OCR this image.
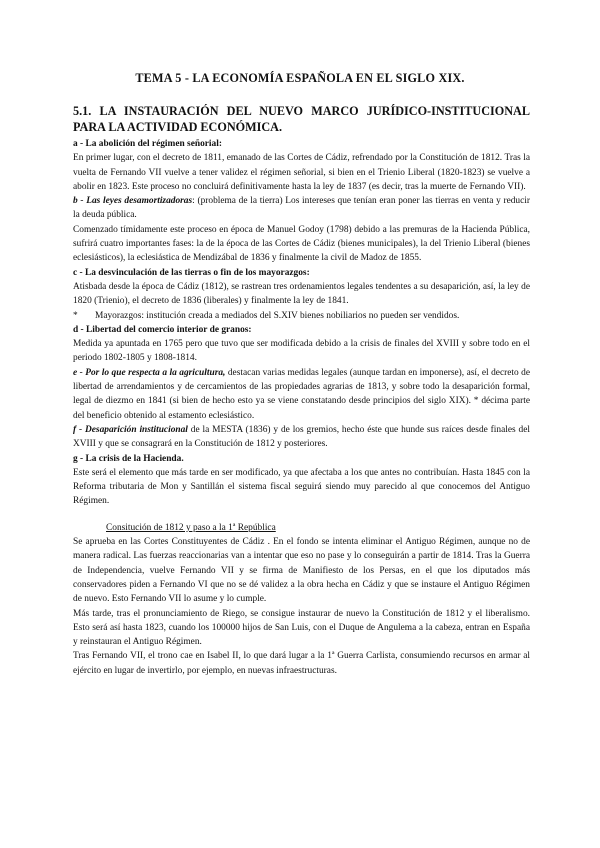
TEMA 5 - LA ECONOMÍA ESPAÑOLA EN EL SIGLO XIX.
5.1. LA INSTAURACIÓN DEL NUEVO MARCO JURÍDICO-INSTITUCIONAL PARA LA ACTIVIDAD ECONÓMICA.

a - La abolición del régimen señorial:

En primer lugar, con el decreto de 1811, emanado de las Cortes de Cádiz, refrendado por la Constitución de 1812. Tras la vuelta de Fernando VII vuelve a tener validez el régimen señorial, si bien en el Trienio Liberal (1820-1823) se vuelve a abolir en 1823. Este proceso no concluirá definitivamente hasta la ley de 1837 (es decir, tras la muerte de Fernando VII).

b - Las leyes desamortizadoras: (problema de la tierra) Los intereses que tenían eran poner las tierras en venta y reducir la deuda pública.

Comenzado tímidamente este proceso en época de Manuel Godoy (1798) debido a las premuras de la Hacienda Pública, sufrirá cuatro importantes fases: la de la época de las Cortes de Cádiz (bienes municipales), la del Trienio Liberal (bienes eclesiásticos), la eclesiástica de Mendizábal de 1836 y finalmente la civil de Madoz de 1855.

c - La desvinculación de las tierras o fin de los mayorazgos:

Atisbada desde la época de Cádiz (1812), se rastrean tres ordenamientos legales tendentes a su desaparición, así, la ley de 1820 (Trienio), el decreto de 1836 (liberales) y finalmente la ley de 1841.

* Mayorazgos: institución creada a mediados del S.XIV bienes nobiliarios no pueden ser vendidos.

d - Libertad del comercio interior de granos:

Medida ya apuntada en 1765 pero que tuvo que ser modificada debido a la crisis de finales del XVIII y sobre todo en el periodo 1802-1805 y 1808-1814.

e - Por lo que respecta a la agricultura, destacan varias medidas legales (aunque tardan en imponerse), así, el decreto de libertad de arrendamientos y de cercamientos de las propiedades agrarias de 1813, y sobre todo la desaparición formal, legal de diezmo en 1841 (si bien de hecho esto ya se viene constatando desde principios del siglo XIX). * décima parte del beneficio obtenido al estamento eclesiástico.

f - Desaparición institucional de la MESTA (1836) y de los gremios, hecho éste que hunde sus raíces desde finales del XVIII y que se consagrará en la Constitución de 1812 y posteriores.

g - La crisis de la Hacienda.

Este será el elemento que más tarde en ser modificado, ya que afectaba a los que antes no contribuían. Hasta 1845 con la Reforma tributaria de Mon y Santillán el sistema fiscal seguirá siendo muy parecido al que conocemos del Antiguo Régimen.

Consitución de 1812 y paso a la 1ª República

Se aprueba en las Cortes Constituyentes de Cádiz . En el fondo se intenta eliminar el Antiguo Régimen, aunque no de manera radical. Las fuerzas reaccionarias van a intentar que eso no pase y lo conseguirán a partir de 1814. Tras la Guerra de Independencia, vuelve Fernando VII y se firma de Manifiesto de los Persas, en el que los diputados más conservadores piden a Fernando VI que no se dé validez a la obra hecha en Cádiz y que se instaure el Antiguo Régimen de nuevo. Esto Fernando VII lo asume y lo cumple.

Más tarde, tras el pronunciamiento de Riego, se consigue instaurar de nuevo la Constitución de 1812 y el liberalismo. Esto será así hasta 1823, cuando los 100000 hijos de San Luis, con el Duque de Angulema a la cabeza, entran en España y reinstauran el Antiguo Régimen.

Tras Fernando VII, el trono cae en Isabel II, lo que dará lugar a la 1ª Guerra Carlista, consumiendo recursos en armar al ejército en lugar de invertirlo, por ejemplo, en nuevas infraestructuras.
